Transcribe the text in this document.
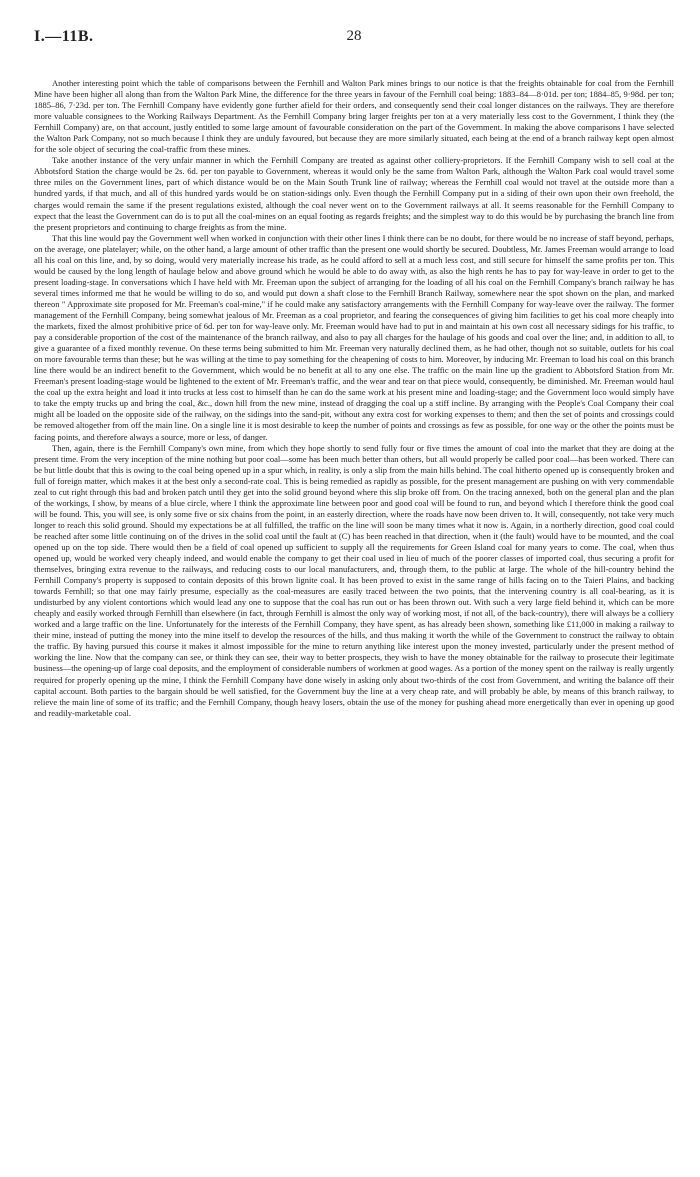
I.—11B.	28

Another interesting point which the table of comparisons between the Fernhill and Walton Park mines brings to our notice is that the freights obtainable for coal from the Fernhill Mine have been higher all along than from the Walton Park Mine, the difference for the three years in favour of the Fernhill coal being: 1883–84—8·01d. per ton; 1884–85, 9·98d. per ton; 1885–86, 7·23d. per ton. The Fernhill Company have evidently gone further afield for their orders, and consequently send their coal longer distances on the railways. They are therefore more valuable consignees to the Working Railways Department. As the Fernhill Company bring larger freights per ton at a very materially less cost to the Government, I think they (the Fernhill Company) are, on that account, justly entitled to some large amount of favourable consideration on the part of the Government. In making the above comparisons I have selected the Walton Park Company, not so much because I think they are unduly favoured, but because they are more similarly situated, each being at the end of a branch railway kept open almost for the sole object of securing the coal-traffic from these mines.

Take another instance of the very unfair manner in which the Fernhill Company are treated as against other colliery-proprietors. If the Fernhill Company wish to sell coal at the Abbotsford Station the charge would be 2s. 6d. per ton payable to Government, whereas it would only be the same from Walton Park, although the Walton Park coal would travel some three miles on the Government lines, part of which distance would be on the Main South Trunk line of railway; whereas the Fernhill coal would not travel at the outside more than a hundred yards, if that much, and all of this hundred yards would be on station-sidings only. Even though the Fernhill Company put in a siding of their own upon their own freehold, the charges would remain the same if the present regulations existed, although the coal never went on to the Government railways at all. It seems reasonable for the Fernhill Company to expect that the least the Government can do is to put all the coal-mines on an equal footing as regards freights; and the simplest way to do this would be by purchasing the branch line from the present proprietors and continuing to charge freights as from the mine.

That this line would pay the Government well when worked in conjunction with their other lines I think there can be no doubt, for there would be no increase of staff beyond, perhaps, on the average, one platelayer; while, on the other hand, a large amount of other traffic than the present one would shortly be secured. Doubtless, Mr. James Freeman would arrange to load all his coal on this line, and, by so doing, would very materially increase his trade, as he could afford to sell at a much less cost, and still secure for himself the same profits per ton. This would be caused by the long length of haulage below and above ground which he would be able to do away with, as also the high rents he has to pay for way-leave in order to get to the present loading-stage. In conversations which I have held with Mr. Freeman upon the subject of arranging for the loading of all his coal on the Fernhill Company's branch railway he has several times informed me that he would be willing to do so, and would put down a shaft close to the Fernhill Branch Railway, somewhere near the spot shown on the plan, and marked thereon " Approximate site proposed for Mr. Freeman's coal-mine," if he could make any satisfactory arrangements with the Fernhill Company for way-leave over the railway. The former management of the Fernhill Company, being somewhat jealous of Mr. Freeman as a coal proprietor, and fearing the consequences of giving him facilities to get his coal more cheaply into the markets, fixed the almost prohibitive price of 6d. per ton for way-leave only. Mr. Freeman would have had to put in and maintain at his own cost all necessary sidings for his traffic, to pay a considerable proportion of the cost of the maintenance of the branch railway, and also to pay all charges for the haulage of his goods and coal over the line; and, in addition to all, to give a guarantee of a fixed monthly revenue. On these terms being submitted to him Mr. Freeman very naturally declined them, as he had other, though not so suitable, outlets for his coal on more favourable terms than these; but he was willing at the time to pay something for the cheapening of costs to him. Moreover, by inducing Mr. Freeman to load his coal on this branch line there would be an indirect benefit to the Government, which would be no benefit at all to any one else. The traffic on the main line up the gradient to Abbotsford Station from Mr. Freeman's present loading-stage would be lightened to the extent of Mr. Freeman's traffic, and the wear and tear on that piece would, consequently, be diminished. Mr. Freeman would haul the coal up the extra height and load it into trucks at less cost to himself than he can do the same work at his present mine and loading-stage; and the Government loco would simply have to take the empty trucks up and bring the coal, &c., down hill from the new mine, instead of dragging the coal up a stiff incline. By arranging with the People's Coal Company their coal might all be loaded on the opposite side of the railway, on the sidings into the sand-pit, without any extra cost for working expenses to them; and then the set of points and crossings could be removed altogether from off the main line. On a single line it is most desirable to keep the number of points and crossings as few as possible, for one way or the other the points must be facing points, and therefore always a source, more or less, of danger.

Then, again, there is the Fernhill Company's own mine, from which they hope shortly to send fully four or five times the amount of coal into the market that they are doing at the present time. From the very inception of the mine nothing but poor coal—some has been much better than others, but all would properly be called poor coal—has been worked. There can be but little doubt that this is owing to the coal being opened up in a spur which, in reality, is only a slip from the main hills behind. The coal hitherto opened up is consequently broken and full of foreign matter, which makes it at the best only a second-rate coal. This is being remedied as rapidly as possible, for the present management are pushing on with very commendable zeal to cut right through this bad and broken patch until they get into the solid ground beyond where this slip broke off from. On the tracing annexed, both on the general plan and the plan of the workings, I show, by means of a blue circle, where I think the approximate line between poor and good coal will be found to run, and beyond which I therefore think the good coal will be found. This, you will see, is only some five or six chains from the point, in an easterly direction, where the roads have now been driven to. It will, consequently, not take very much longer to reach this solid ground. Should my expectations be at all fulfilled, the traffic on the line will soon be many times what it now is. Again, in a northerly direction, good coal could be reached after some little continuing on of the drives in the solid coal until the fault at (C) has been reached in that direction, when it (the fault) would have to be mounted, and the coal opened up on the top side. There would then be a field of coal opened up sufficient to supply all the requirements for Green Island coal for many years to come. The coal, when thus opened up, would be worked very cheaply indeed, and would enable the company to get their coal used in lieu of much of the poorer classes of imported coal, thus securing a profit for themselves, bringing extra revenue to the railways, and reducing costs to our local manufacturers, and, through them, to the public at large. The whole of the hill-country behind the Fernhill Company's property is supposed to contain deposits of this brown lignite coal. It has been proved to exist in the same range of hills facing on to the Taieri Plains, and backing towards Fernhill; so that one may fairly presume, especially as the coal-measures are easily traced between the two points, that the intervening country is all coal-bearing, as it is undisturbed by any violent contortions which would lead any one to suppose that the coal has run out or has been thrown out. With such a very large field behind it, which can be more cheaply and easily worked through Fernhill than elsewhere (in fact, through Fernhill is almost the only way of working most, if not all, of the back-country), there will always be a colliery worked and a large traffic on the line. Unfortunately for the interests of the Fernhill Company, they have spent, as has already been shown, something like £11,000 in making a railway to their mine, instead of putting the money into the mine itself to develop the resources of the hills, and thus making it worth the while of the Government to construct the railway to obtain the traffic. By having pursued this course it makes it almost impossible for the mine to return anything like interest upon the money invested, particularly under the present method of working the line. Now that the company can see, or think they can see, their way to better prospects, they wish to have the money obtainable for the railway to prosecute their legitimate business—the opening-up of large coal deposits, and the employment of considerable numbers of workmen at good wages. As a portion of the money spent on the railway is really urgently required for properly opening up the mine, I think the Fernhill Company have done wisely in asking only about two-thirds of the cost from Government, and writing the balance off their capital account. Both parties to the bargain should be well satisfied, for the Government buy the line at a very cheap rate, and will probably be able, by means of this branch railway, to relieve the main line of some of its traffic; and the Fernhill Company, though heavy losers, obtain the use of the money for pushing ahead more energetically than ever in opening up good and readily-marketable coal.
